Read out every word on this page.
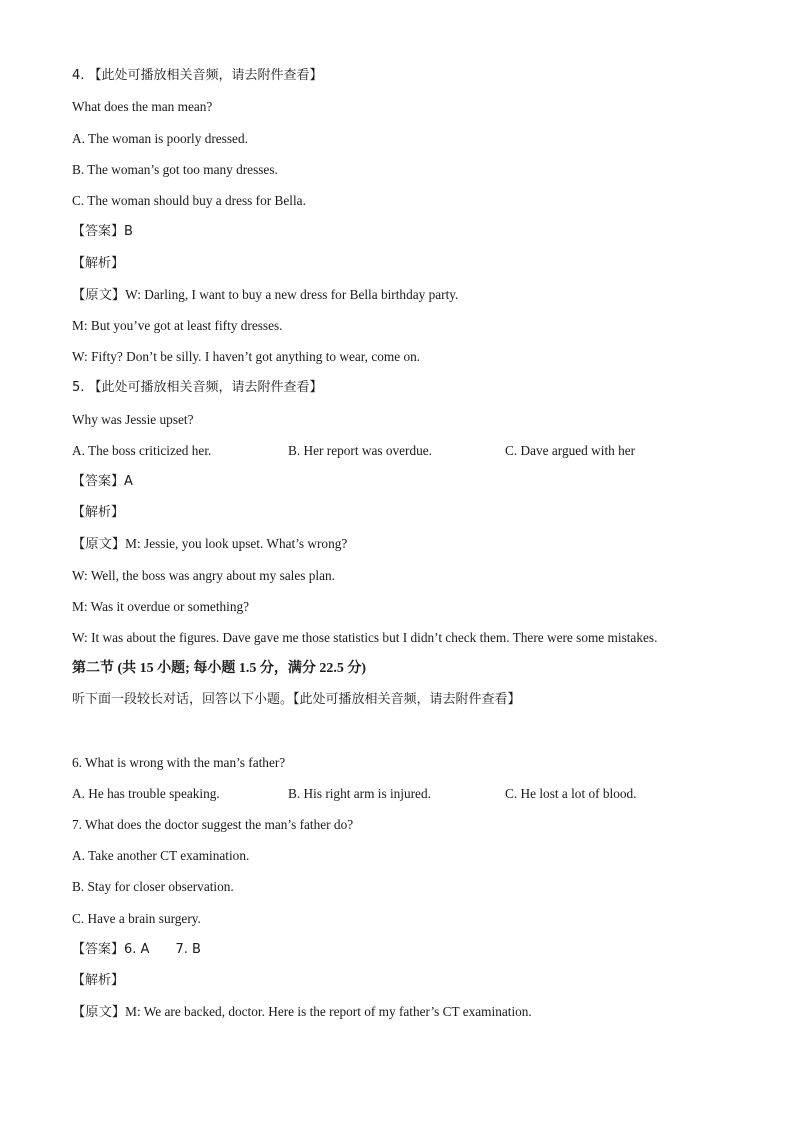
4. 【此处可播放相关音频，请去附件查看】
What does the man mean?
A. The woman is poorly dressed.
B. The woman’s got too many dresses.
C. The woman should buy a dress for Bella.
【答案】B
【解析】
【原文】W: Darling, I want to buy a new dress for Bella birthday party.
M: But you’ve got at least fifty dresses.
W: Fifty? Don’t be silly. I haven’t got anything to wear, come on.
5. 【此处可播放相关音频，请去附件查看】
Why was Jessie upset?
A. The boss criticized her.	B. Her report was overdue.	C. Dave argued with her
【答案】A
【解析】
【原文】M: Jessie, you look upset. What’s wrong?
W: Well, the boss was angry about my sales plan.
M: Was it overdue or something?
W: It was about the figures. Dave gave me those statistics but I didn’t check them. There were some mistakes.
第二节 (共 15 小题; 每小题 1.5 分，满分 22.5 分)
听下面一段较长对话，回答以下小题。【此处可播放相关音频，请去附件查看】
6. What is wrong with the man’s father?
A. He has trouble speaking.	B. His right arm is injured.	C. He lost a lot of blood.
7. What does the doctor suggest the man’s father do?
A. Take another CT examination.
B. Stay for closer observation.
C. Have a brain surgery.
【答案】6. A 7. B
【解析】
【原文】M: We are backed, doctor. Here is the report of my father’s CT examination.
